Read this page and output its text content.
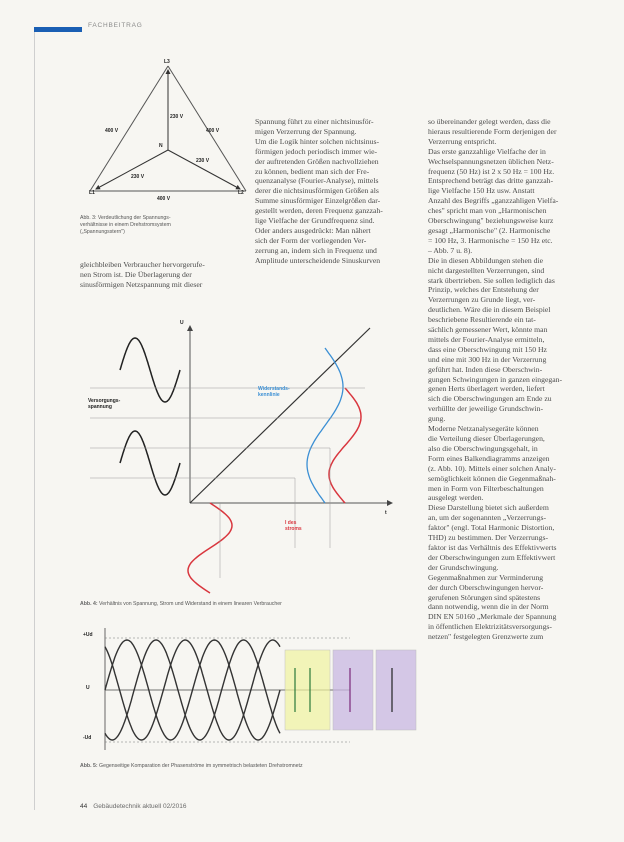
FACHBEITRAG
L3
L1	L2
N
400 V	400 V
400 V
230 V
230 V
230 V
Abb. 3: Verdeutlichung der Spannungs-
verhältnisse in einem Drehstromsystem
(„Spannungsstern")

gleichbleiben Verbraucher hervorgerufe-

nen Strom ist. Die Überlagerung der

sinusförmigen Netzspannung mit dieser

Spannung führt zu einer nichtsinusför-

migen Verzerrung der Spannung.

Um die Logik hinter solchen nichtsinus-

förmigen jedoch periodisch immer wie-

der auftretenden Größen nachvollziehen

zu können, bedient man sich der Fre-

quenzanalyse (Fourier-Analyse), mittels

derer die nichtsinusförmigen Größen als

Summe sinusförmiger Einzelgrößen dar-

gestellt werden, deren Frequenz ganzzah-

lige Vielfache der Grundfrequenz sind.

Oder anders ausgedrückt: Man nähert

sich der Form der vorliegenden Ver-

zerrung an, indem sich in Frequenz und

Amplitude unterscheidende Sinuskurven

so übereinander gelegt werden, dass die

hieraus resultierende Form derjenigen der

Verzerrung entspricht.

Das erste ganzzahlige Vielfache der in

Wechselspannungsnetzen üblichen Netz-

frequenz (50 Hz) ist 2 x 50 Hz = 100 Hz.

Entsprechend beträgt das dritte ganzzah-

lige Vielfache 150 Hz usw. Anstatt

Anzahl des Begriffs „ganzzahligen Vielfa-

ches" spricht man von „Harmonischen

Oberschwingung" beziehungsweise kurz

gesagt „Harmonische" (2. Harmonische

= 100 Hz, 3. Harmonische = 150 Hz etc.

– Abb. 7 u. 8).

Die in diesen Abbildungen stehen die

nicht dargestellten Verzerrungen, sind

stark übertrieben. Sie sollen lediglich das

Prinzip, welches der Entstehung der

Verzerrungen zu Grunde liegt, ver-

deutlichen. Wäre die in diesem Beispiel

beschriebene Resultierende ein tat-

sächlich gemessener Wert, könnte man

mittels der Fourier-Analyse ermitteln,

dass eine Oberschwingung mit 150 Hz

und eine mit 300 Hz in der Verzerrung

geführt hat. Inden diese Oberschwin-

gungen Schwingungen in ganzen eingegan-

genen Herts überlagert werden, liefert

sich die Oberschwingungen am Ende zu

verhüllte der jeweilige Grundschwin-

gung.

Moderne Netzanalysegeräte können

die Verteilung dieser Überlagerungen,

also die Oberschwingungsgehalt, in

Form eines Balkendiagramms anzeigen

(z. Abb. 10). Mittels einer solchen Analy-

semöglichkeit können die Gegenmaßnah-

men in Form von Filterbeschaltungen

ausgelegt werden.

Diese Darstellung bietet sich außerdem

an, um der sogenannten „Verzerrungs-

faktor" (engl. Total Harmonic Distortion,

THD) zu bestimmen. Der Verzerrungs-

faktor ist das Verhältnis des Effektivwerts

der Oberschwingungen zum Effektivwert

der Grundschwingung.

Gegenmaßnahmen zur Verminderung

der durch Oberschwingungen hervor-

gerufenen Störungen sind spätestens

dann notwendig, wenn die in der Norm

DIN EN 50160 „Merkmale der Spannung

in öffentlichen Elektrizitätsversorgungs-

netzen" festgelegten Grenzwerte zum

U
t
Versorgungs-
spannung
Widerstands-
kennlinie
I des
stroms
Abb. 4: Verhältnis von Spannung, Strom und Widerstand in einem linearen Verbraucher
+Ud
U
-Ud
Abb. 5: Gegenseitige Komparation der Phasenströme im symmetrisch belasteten Drehstromnetz
44 Gebäudetechnik aktuell 02/2016
